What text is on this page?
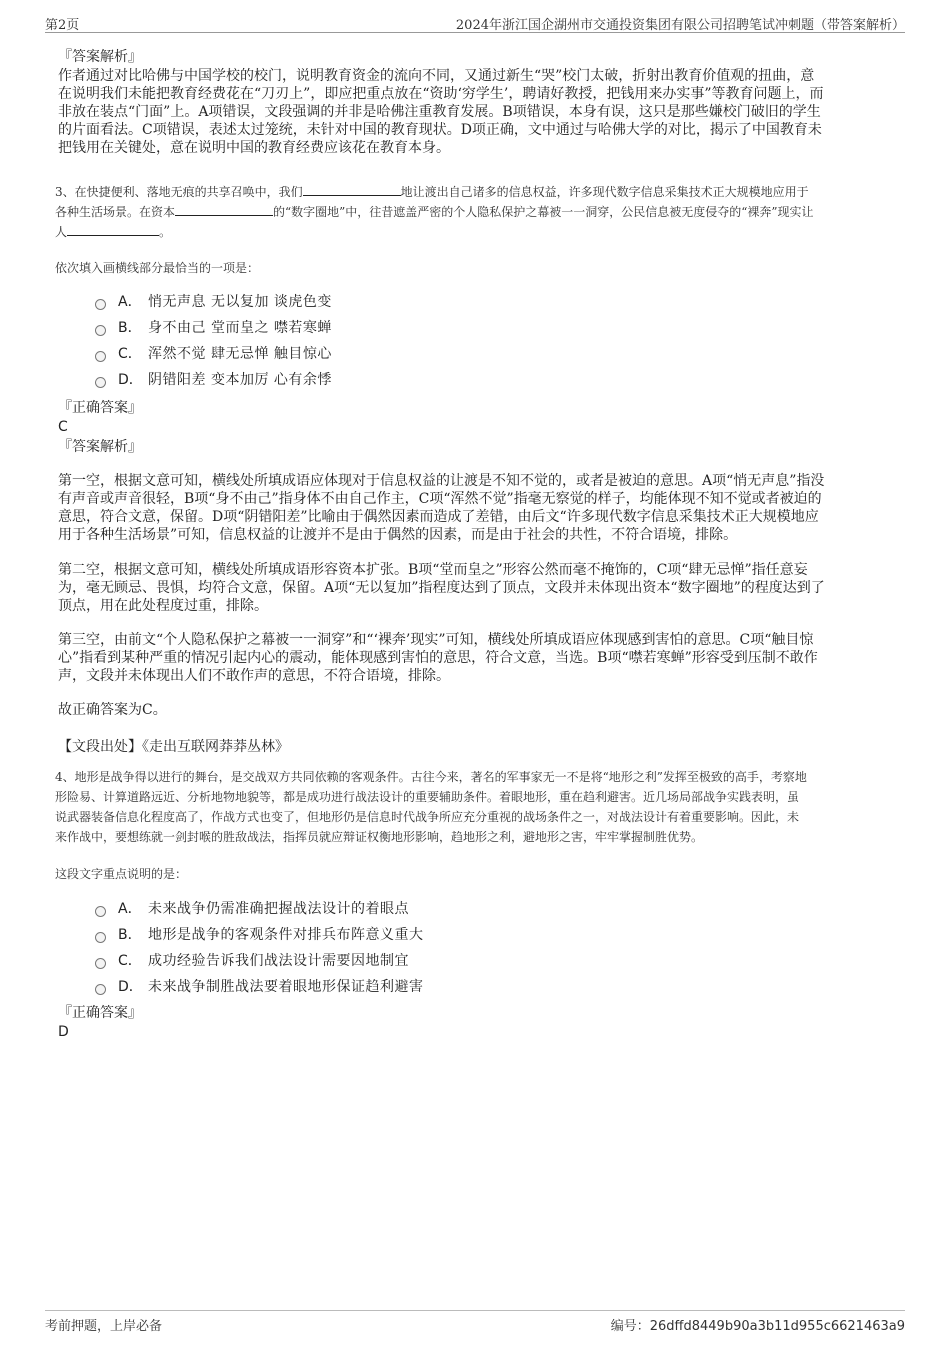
第2页	2024年浙江国企湖州市交通投资集团有限公司招聘笔试冲刺题（带答案解析）
『答案解析』
作者通过对比哈佛与中国学校的校门，说明教育资金的流向不同，又通过新生“哭”校门太破，折射出教育价值观的扭曲，意
在说明我们未能把教育经费花在“刀刃上”，即应把重点放在“资助‘穷学生’，聘请好教授，把钱用来办实事”等教育问题上，而
非放在装点“门面”上。A项错误，文段强调的并非是哈佛注重教育发展。B项错误，本身有误，这只是那些嫌校门破旧的学生
的片面看法。C项错误，表述太过笼统，未针对中国的教育现状。D项正确，文中通过与哈佛大学的对比，揭示了中国教育未
把钱用在关键处，意在说明中国的教育经费应该花在教育本身。
3、在快捷便利、落地无痕的共享召唤中，我们	地让渡出自己诸多的信息权益，许多现代数字信息采集技术正大规模地应用于
各种生活场景。在资本	的“数字圈地”中，往昔遮盖严密的个人隐私保护之幕被一一洞穿，公民信息被无度侵夺的“裸奔”现实让
人	。
依次填入画横线部分最恰当的一项是：
A． 悄无声息 无以复加 谈虎色变
B． 身不由己 堂而皇之 噤若寒蝉
C． 浑然不觉 肆无忌惮 触目惊心
D． 阴错阳差 变本加厉 心有余悸
『正确答案』
C
『答案解析』
第一空，根据文意可知，横线处所填成语应体现对于信息权益的让渡是不知不觉的，或者是被迫的意思。A项“悄无声息”指没
有声音或声音很轻，B项“身不由己”指身体不由自己作主，C项“浑然不觉”指毫无察觉的样子，均能体现不知不觉或者被迫的
意思，符合文意，保留。D项“阴错阳差”比喻由于偶然因素而造成了差错，由后文“许多现代数字信息采集技术正大规模地应
用于各种生活场景”可知，信息权益的让渡并不是由于偶然的因素，而是由于社会的共性，不符合语境，排除。
第二空，根据文意可知，横线处所填成语形容资本扩张。B项“堂而皇之”形容公然而毫不掩饰的，C项“肆无忌惮”指任意妄
为，毫无顾忌、畏惧，均符合文意，保留。A项“无以复加”指程度达到了顶点，文段并未体现出资本“数字圈地”的程度达到了
顶点，用在此处程度过重，排除。
第三空，由前文“个人隐私保护之幕被一一洞穿”和“‘裸奔’现实”可知，横线处所填成语应体现感到害怕的意思。C项“触目惊
心”指看到某种严重的情况引起内心的震动，能体现感到害怕的意思，符合文意，当选。B项“噤若寒蝉”形容受到压制不敢作
声，文段并未体现出人们不敢作声的意思，不符合语境，排除。
故正确答案为C。
【文段出处】《走出互联网莽莽丛林》
4、地形是战争得以进行的舞台，是交战双方共同依赖的客观条件。古往今来，著名的军事家无一不是将“地形之利”发挥至极致的高手，考察地
形险易、计算道路远近、分析地物地貌等，都是成功进行战法设计的重要辅助条件。着眼地形，重在趋利避害。近几场局部战争实践表明，虽
说武器装备信息化程度高了，作战方式也变了，但地形仍是信息时代战争所应充分重视的战场条件之一，对战法设计有着重要影响。因此，未
来作战中，要想练就一剑封喉的胜敌战法，指挥员就应辩证权衡地形影响，趋地形之利，避地形之害，牢牢掌握制胜优势。
这段文字重点说明的是：
A． 未来战争仍需准确把握战法设计的着眼点
B． 地形是战争的客观条件对排兵布阵意义重大
C． 成功经验告诉我们战法设计需要因地制宜
D． 未来战争制胜战法要着眼地形保证趋利避害
『正确答案』
D
考前押题，上岸必备	编号：26dffd8449b90a3b11d955c6621463a9
